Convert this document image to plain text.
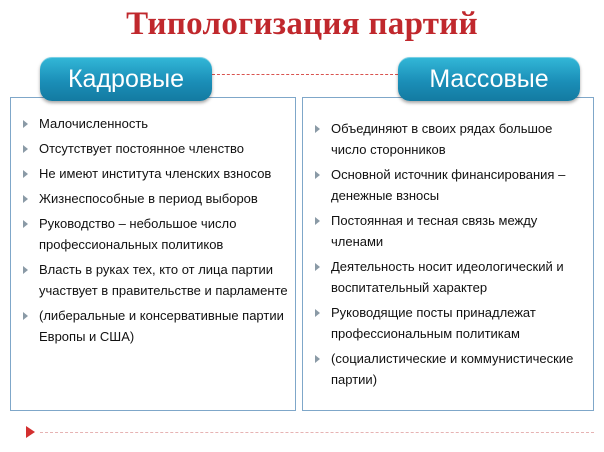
Типологизация партий
Кадровые	Массовые
Малочисленность
Отсутствует постоянное членство
Не имеют института членских взносов
Жизнеспособные в период выборов
Руководство – небольшое число профессиональных политиков
Власть в руках тех, кто от лица партии участвует в правительстве и парламенте
(либеральные и консервативные партии Европы и США)
Объединяют в своих рядах большое число сторонников
Основной источник финансирования – денежные взносы
Постоянная и тесная связь между членами
Деятельность носит идеологический и воспитательный характер
Руководящие посты принадлежат профессиональным политикам
(социалистические и коммунистические партии)
